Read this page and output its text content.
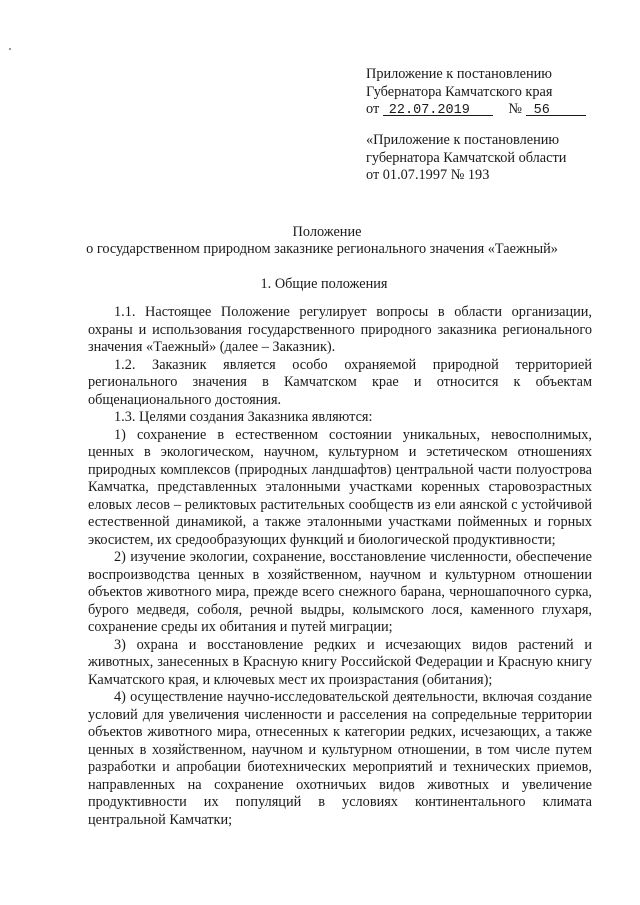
Приложение к постановлению
Губернатора Камчатского края
от 22.07.2019	№ 56
«Приложение к постановлению
губернатора Камчатской области
от 01.07.1997 № 193
Положение
о государственном природном заказнике регионального значения «Таежный»
1. Общие положения

1.1. Настоящее Положение регулирует вопросы в области организации, охраны и использования государственного природного заказника регионального значения «Таежный» (далее – Заказник).

1.2. Заказник является особо охраняемой природной территорией регионального значения в Камчатском крае и относится к объектам общенационального достояния.

1.3. Целями создания Заказника являются:

1) сохранение в естественном состоянии уникальных, невосполнимых, ценных в экологическом, научном, культурном и эстетическом отношениях природных комплексов (природных ландшафтов) центральной части полуострова Камчатка, представленных эталонными участками коренных старовозрастных еловых лесов – реликтовых растительных сообществ из ели аянской с устойчивой естественной динамикой, а также эталонными участками пойменных и горных экосистем, их средообразующих функций и биологической продуктивности;

2) изучение экологии, сохранение, восстановление численности, обеспечение воспроизводства ценных в хозяйственном, научном и культурном отношении объектов животного мира, прежде всего снежного барана, черношапочного сурка, бурого медведя, соболя, речной выдры, колымского лося, каменного глухаря, сохранение среды их обитания и путей миграции;

3) охрана и восстановление редких и исчезающих видов растений и животных, занесенных в Красную книгу Российской Федерации и Красную книгу Камчатского края, и ключевых мест их произрастания (обитания);

4) осуществление научно-исследовательской деятельности, включая создание условий для увеличения численности и расселения на сопредельные территории объектов животного мира, отнесенных к категории редких, исчезающих, а также ценных в хозяйственном, научном и культурном отношении, в том числе путем разработки и апробации биотехнических мероприятий и технических приемов, направленных на сохранение охотничьих видов животных и увеличение продуктивности их популяций в условиях континентального климата центральной Камчатки;
